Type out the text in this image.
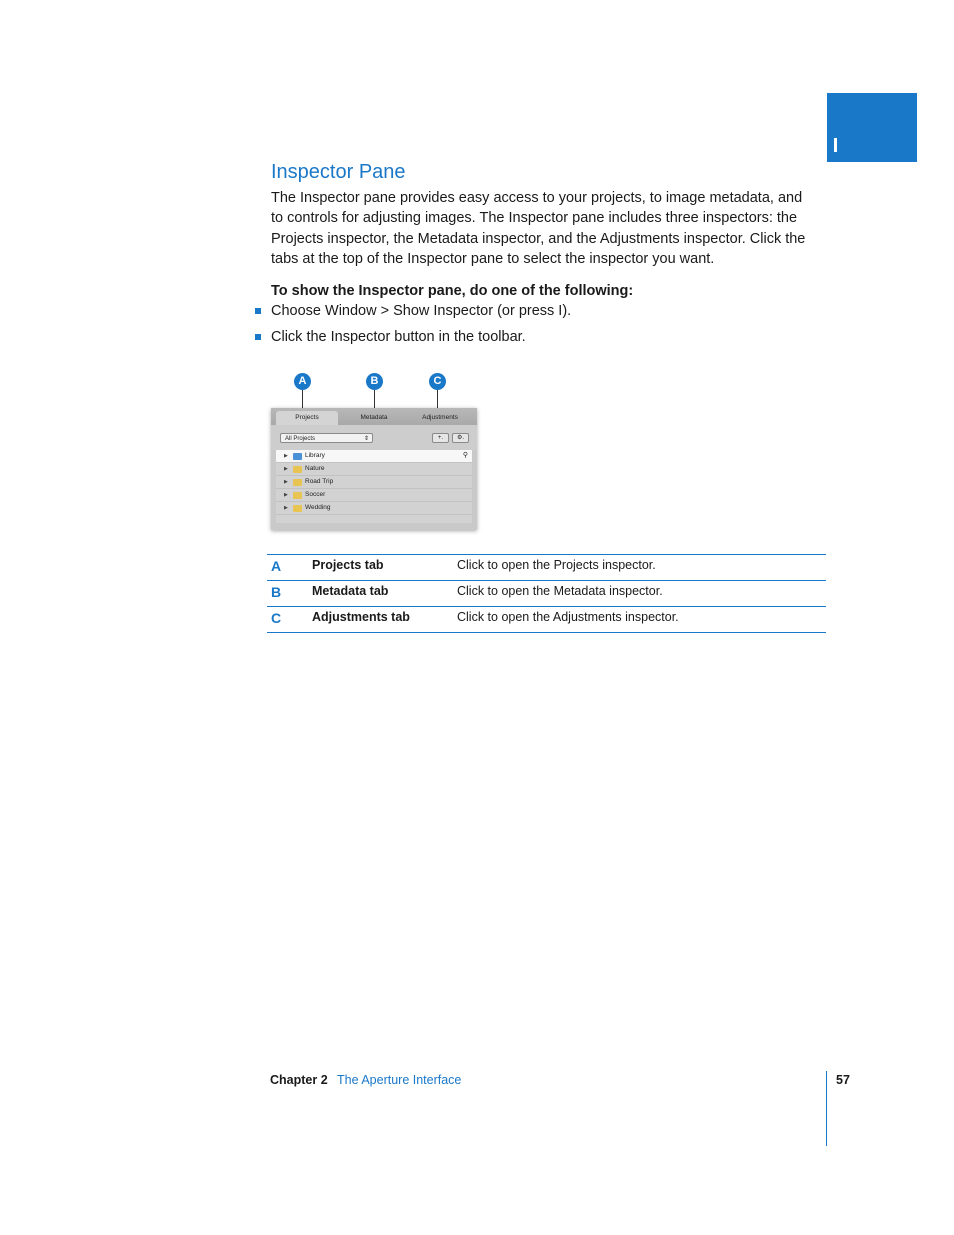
Inspector Pane
The Inspector pane provides easy access to your projects, to image metadata, and to controls for adjusting images. The Inspector pane includes three inspectors: the Projects inspector, the Metadata inspector, and the Adjustments inspector. Click the tabs at the top of the Inspector pane to select the inspector you want.
To show the Inspector pane, do one of the following:
Choose Window > Show Inspector (or press I).
Click the Inspector button in the toolbar.
A	B	C
Projects	Metadata	Adjustments
All Projects	⇕	+.	⚙.
▶	Library	⚲
▶	Nature
▶	Road Trip
▶	Soccer
▶	Wedding
A Projects tab	Click to open the Projects inspector.
B Metadata tab	Click to open the Metadata inspector.
C Adjustments tab	Click to open the Adjustments inspector.
Chapter 2 The Aperture Interface	57
